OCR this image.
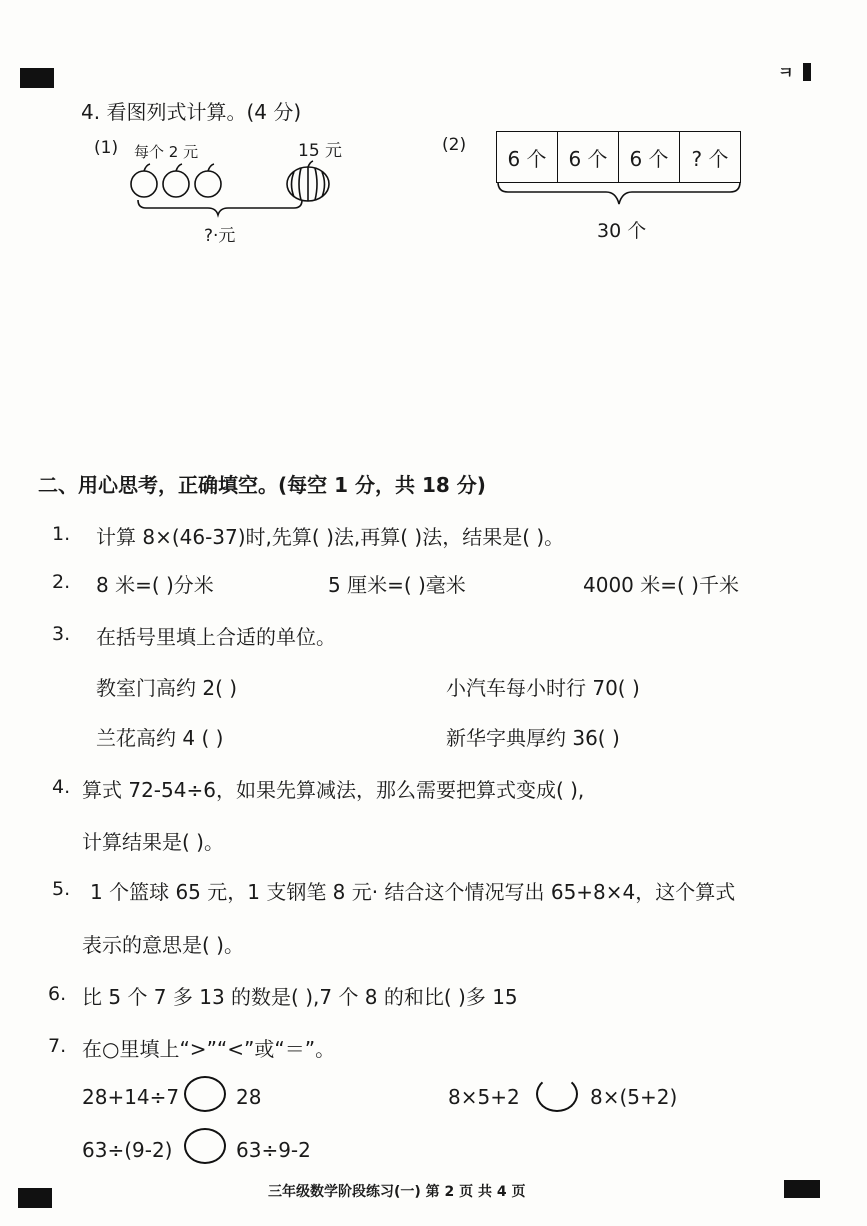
ㅋ
4. 看图列式计算。(4 分)
(1) 每个 2 元	15 元
?·元
(2)
6 个	6 个	6 个	? 个
30 个
二、用心思考，正确填空。(每空 1 分，共 18 分)
1. 计算 8×(46-37)时,先算( )法,再算( )法，结果是( )。
2. 8 米=( )分米	5 厘米=( )毫米	4000 米=( )千米
3. 在括号里填上合适的单位。
教室门高约 2( )	小汽车每小时行 70( )
兰花高约 4 ( )	新华字典厚约 36( )
4. 算式 72-54÷6，如果先算减法，那么需要把算式变成( ),
计算结果是( )。
5. 1 个篮球 65 元，1 支钢笔 8 元· 结合这个情况写出 65+8×4，这个算式
表示的意思是( )。
6. 比 5 个 7 多 13 的数是( ),7 个 8 的和比( )多 15
7. 在○里填上“>”“<”或“＝”。
28+14÷7	28	8×5+2	8×(5+2)
63÷(9-2)	63÷9-2
三年级数学阶段练习(一) 第 2 页 共 4 页
